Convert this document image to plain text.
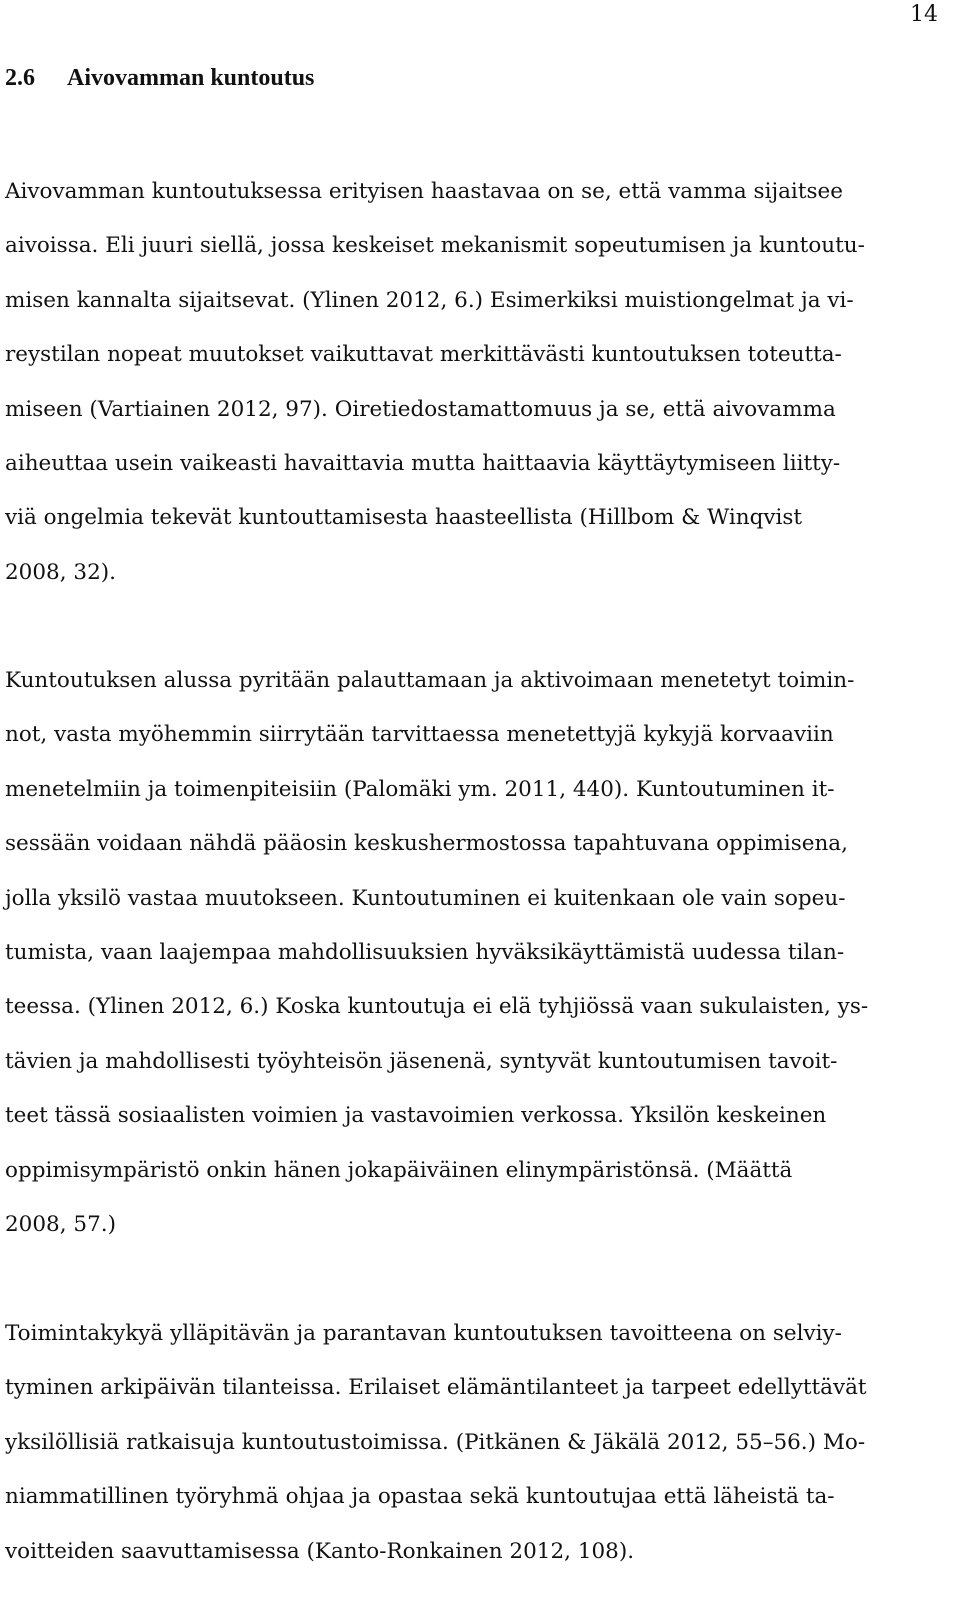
14
2.6 Aivovamman kuntoutus
Aivovamman kuntoutuksessa erityisen haastavaa on se, että vamma sijaitsee
aivoissa. Eli juuri siellä, jossa keskeiset mekanismit sopeutumisen ja kuntoutu-
misen kannalta sijaitsevat. (Ylinen 2012, 6.) Esimerkiksi muistiongelmat ja vi-
reystilan nopeat muutokset vaikuttavat merkittävästi kuntoutuksen toteutta-
miseen (Vartiainen 2012, 97). Oiretiedostamattomuus ja se, että aivovamma
aiheuttaa usein vaikeasti havaittavia mutta haittaavia käyttäytymiseen liitty-
viä ongelmia tekevät kuntouttamisesta haasteellista (Hillbom & Winqvist
2008, 32).
Kuntoutuksen alussa pyritään palauttamaan ja aktivoimaan menetetyt toimin-
not, vasta myöhemmin siirrytään tarvittaessa menetettyjä kykyjä korvaaviin
menetelmiin ja toimenpiteisiin (Palomäki ym. 2011, 440). Kuntoutuminen it-
sessään voidaan nähdä pääosin keskushermostossa tapahtuvana oppimisena,
jolla yksilö vastaa muutokseen. Kuntoutuminen ei kuitenkaan ole vain sopeu-
tumista, vaan laajempaa mahdollisuuksien hyväksikäyttämistä uudessa tilan-
teessa. (Ylinen 2012, 6.) Koska kuntoutuja ei elä tyhjiössä vaan sukulaisten, ys-
tävien ja mahdollisesti työyhteisön jäsenenä, syntyvät kuntoutumisen tavoit-
teet tässä sosiaalisten voimien ja vastavoimien verkossa. Yksilön keskeinen
oppimisympäristö onkin hänen jokapäiväinen elinympäristönsä. (Määttä
2008, 57.)
Toimintakykyä ylläpitävän ja parantavan kuntoutuksen tavoitteena on selviy-
tyminen arkipäivän tilanteissa. Erilaiset elämäntilanteet ja tarpeet edellyttävät
yksilöllisiä ratkaisuja kuntoutustoimissa. (Pitkänen & Jäkälä 2012, 55–56.) Mo-
niammatillinen työryhmä ohjaa ja opastaa sekä kuntoutujaa että läheistä ta-
voitteiden saavuttamisessa (Kanto-Ronkainen 2012, 108).
